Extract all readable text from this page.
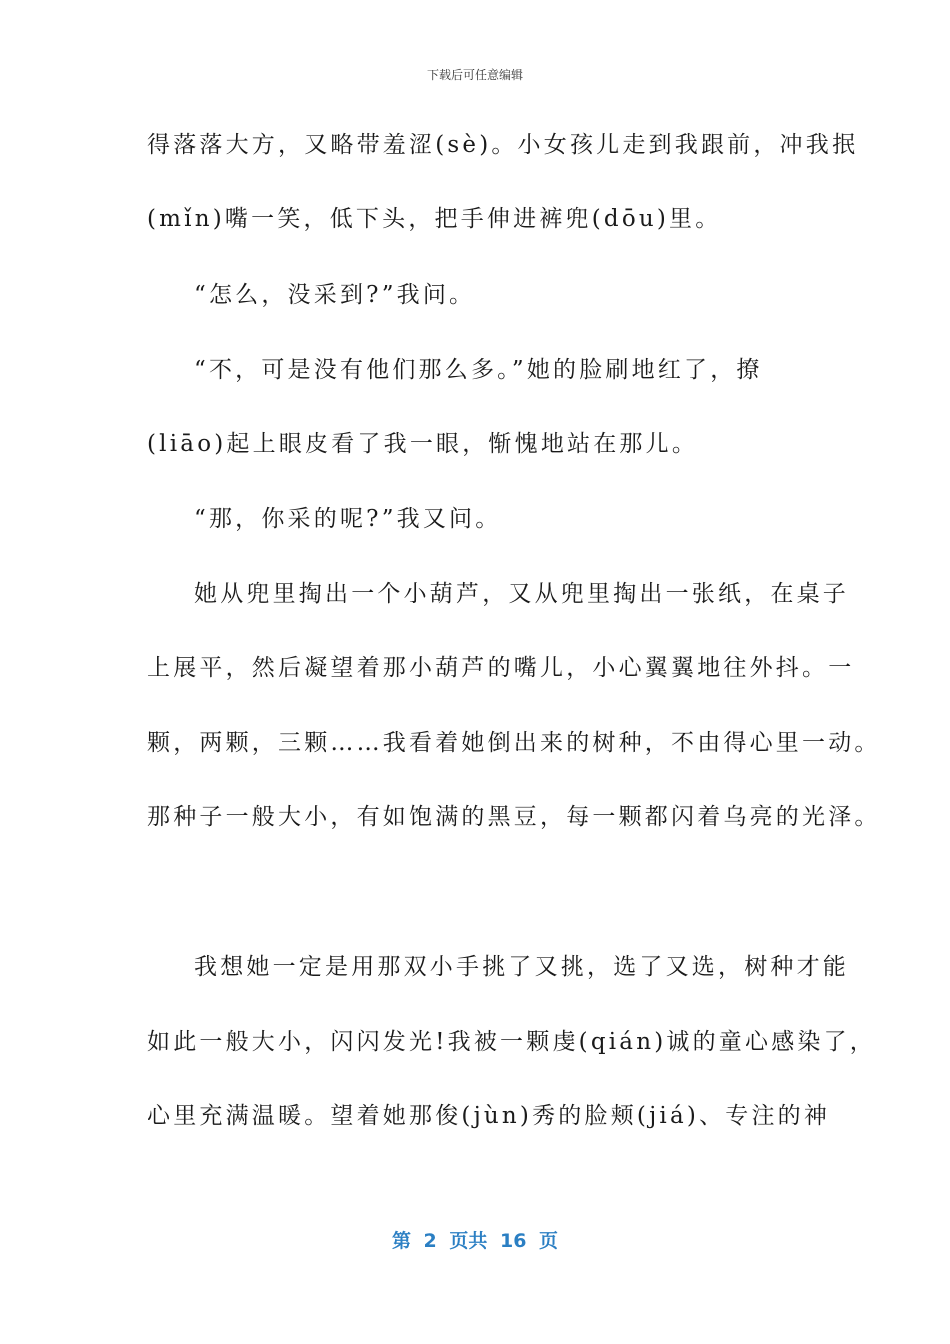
下载后可任意编辑
得落落大方，又略带羞涩(sè)。小女孩儿走到我跟前，冲我抿
(mǐn)嘴一笑，低下头，把手伸进裤兜(dōu)里。
“怎么，没采到?”我问。
“不，可是没有他们那么多。”她的脸刷地红了，撩
(liāo)起上眼皮看了我一眼，惭愧地站在那儿。
“那，你采的呢?”我又问。
她从兜里掏出一个小葫芦，又从兜里掏出一张纸，在桌子
上展平，然后凝望着那小葫芦的嘴儿，小心翼翼地往外抖。一
颗，两颗，三颗……我看着她倒出来的树种，不由得心里一动。
那种子一般大小，有如饱满的黑豆，每一颗都闪着乌亮的光泽。
我想她一定是用那双小手挑了又挑，选了又选，树种才能
如此一般大小，闪闪发光!我被一颗虔(qián)诚的童心感染了，
心里充满温暖。望着她那俊(jùn)秀的脸颊(jiá)、专注的神
第 2 页共 16 页
